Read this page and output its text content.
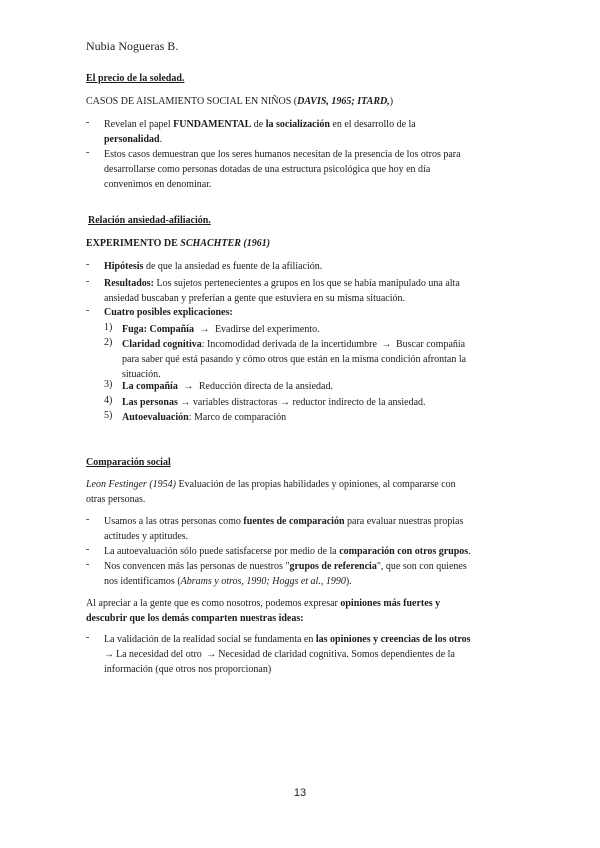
Nubia Nogueras B.
El precio de la soledad.
CASOS DE AISLAMIENTO SOCIAL EN NIÑOS (DAVIS, 1965; ITARD,)
- Revelan el papel FUNDAMENTAL de la socialización en el desarrollo de la
personalidad.
- Estos casos demuestran que los seres humanos necesitan de la presencia de los otros para
desarrollarse como personas dotadas de una estructura psicológica que hoy en día
convenimos en denominar.
Relación ansiedad-afiliación.
EXPERIMENTO DE SCHACHTER (1961)
- Hipótesis de que la ansiedad es fuente de la afiliación.
- Resultados: Los sujetos pertenecientes a grupos en los que se había manipulado una alta
ansiedad buscaban y preferían a gente que estuviera en su misma situación.
- Cuatro posibles explicaciones:
1) Fuga: Compañía → Evadirse del experimento.
2) Claridad cognitiva: Incomodidad derivada de la incertidumbre → Buscar compañía
para saber qué está pasando y cómo otros que están en la misma condición afrontan la
situación.
3) La compañía → Reducción directa de la ansiedad.
4) Las personas → variables distractoras → reductor indirecto de la ansiedad.
5) Autoevaluación: Marco de comparación
Comparación social
Leon Festinger (1954) Evaluación de las propias habilidades y opiniones, al compararse con
otras personas.
- Usamos a las otras personas como fuentes de comparación para evaluar nuestras propias
actitudes y aptitudes.
- La autoevaluación sólo puede satisfacerse por medio de la comparación con otros grupos.
- Nos convencen más las personas de nuestros "grupos de referencia", que son con quienes
nos identificamos (Abrams y otros, 1990; Hoggs et al., 1990).
Al apreciar a la gente que es como nosotros, podemos expresar opiniones más fuertes y
descubrir que los demás comparten nuestras ideas:
- La validación de la realidad social se fundamenta en las opiniones y creencias de los otros
→ La necesidad del otro → Necesidad de claridad cognitiva. Somos dependientes de la
información (que otros nos proporcionan)
13
